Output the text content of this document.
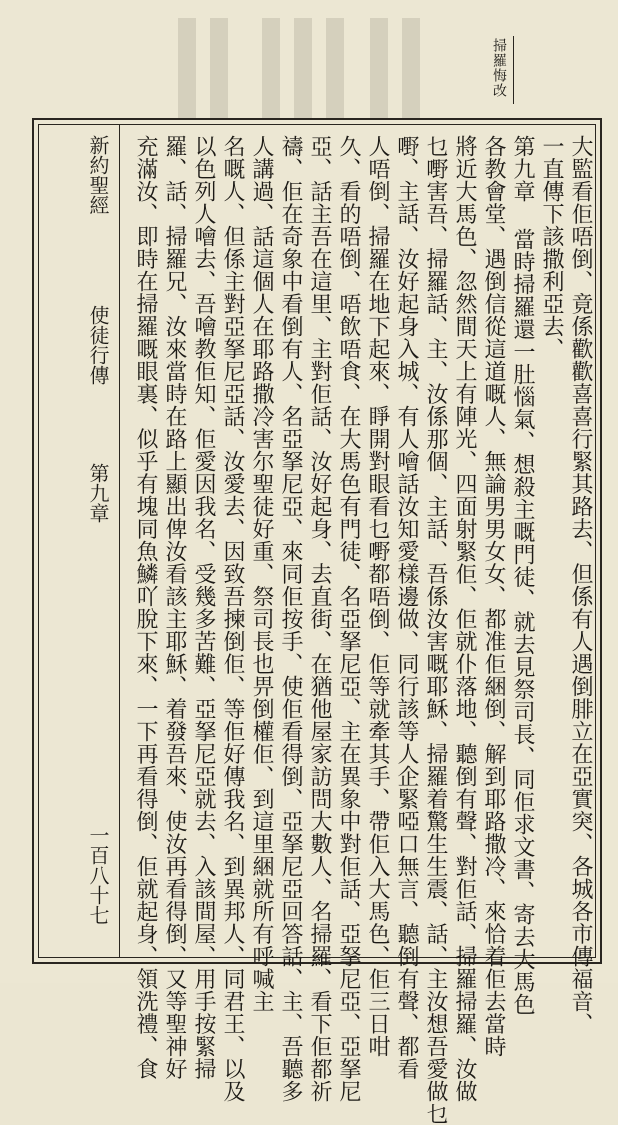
掃羅悔改
新約聖經
使徒行傳
第九章
一百八十七	大監看佢唔倒、竟係歡歡喜喜行緊其路去、但係有人遇倒腓立在亞實突、各城各市傳福音、
一直傳下該撒利亞去、
第九章 當時掃羅還一肚惱氣、想殺主嘅門徒、就去見祭司長、同佢求文書、寄去大馬色
各教會堂、遇倒信從這道嘅人、無論男男女女、都准佢綑倒、解到耶路撒冷、來恰着佢去當時
將近大馬色、忽然間天上有陣光、四面射緊佢、佢就仆落地、聽倒有聲、對佢話、掃羅掃羅、汝做
乜嘢害吾、掃羅話、主、汝係那個、主話、吾係汝害嘅耶穌、掃羅着驚生生震、話、主汝想吾愛做乜
嘢、主話、汝好起身入城、有人噲話汝知愛樣邊做、同行該等人企緊啞口無言、聽倒有聲、都看
人唔倒、掃羅在地下起來、睜開對眼看乜嘢都唔倒、佢等就牽其手、帶佢入大馬色、佢三日咁
久、看的唔倒、唔飲唔食、在大馬色有門徒、名亞拏尼亞、主在異象中對佢話、亞拏尼亞、亞拏尼
亞、話主吾在這里、主對佢話、汝好起身、去直街、在猶他屋家訪問大數人、名掃羅、看下佢都祈
禱、佢在奇象中看倒有人、名亞拏尼亞、來同佢按手、使佢看得倒、亞拏尼亞回答話、主、吾聽多
人講過、話這個人在耶路撒冷害尔聖徒好重、祭司長也畀倒權佢、到這里綑就所有呼喊主
名嘅人、但係主對亞拏尼亞話、汝愛去、因致吾揀倒佢、等佢好傳我名、到異邦人、同君王、以及
以色列人噲去、吾噲教佢知、佢愛因我名、受幾多苦難、亞拏尼亞就去、入該間屋、用手按緊掃
羅、話、掃羅兄、汝來當時在路上顯出俾汝看該主耶穌、着發吾來、使汝再看得倒、又等聖神好
充滿汝、即時在掃羅嘅眼裏、似乎有塊同魚鱗吖脫下來、一下再看得倒、佢就起身、領洗禮、食
